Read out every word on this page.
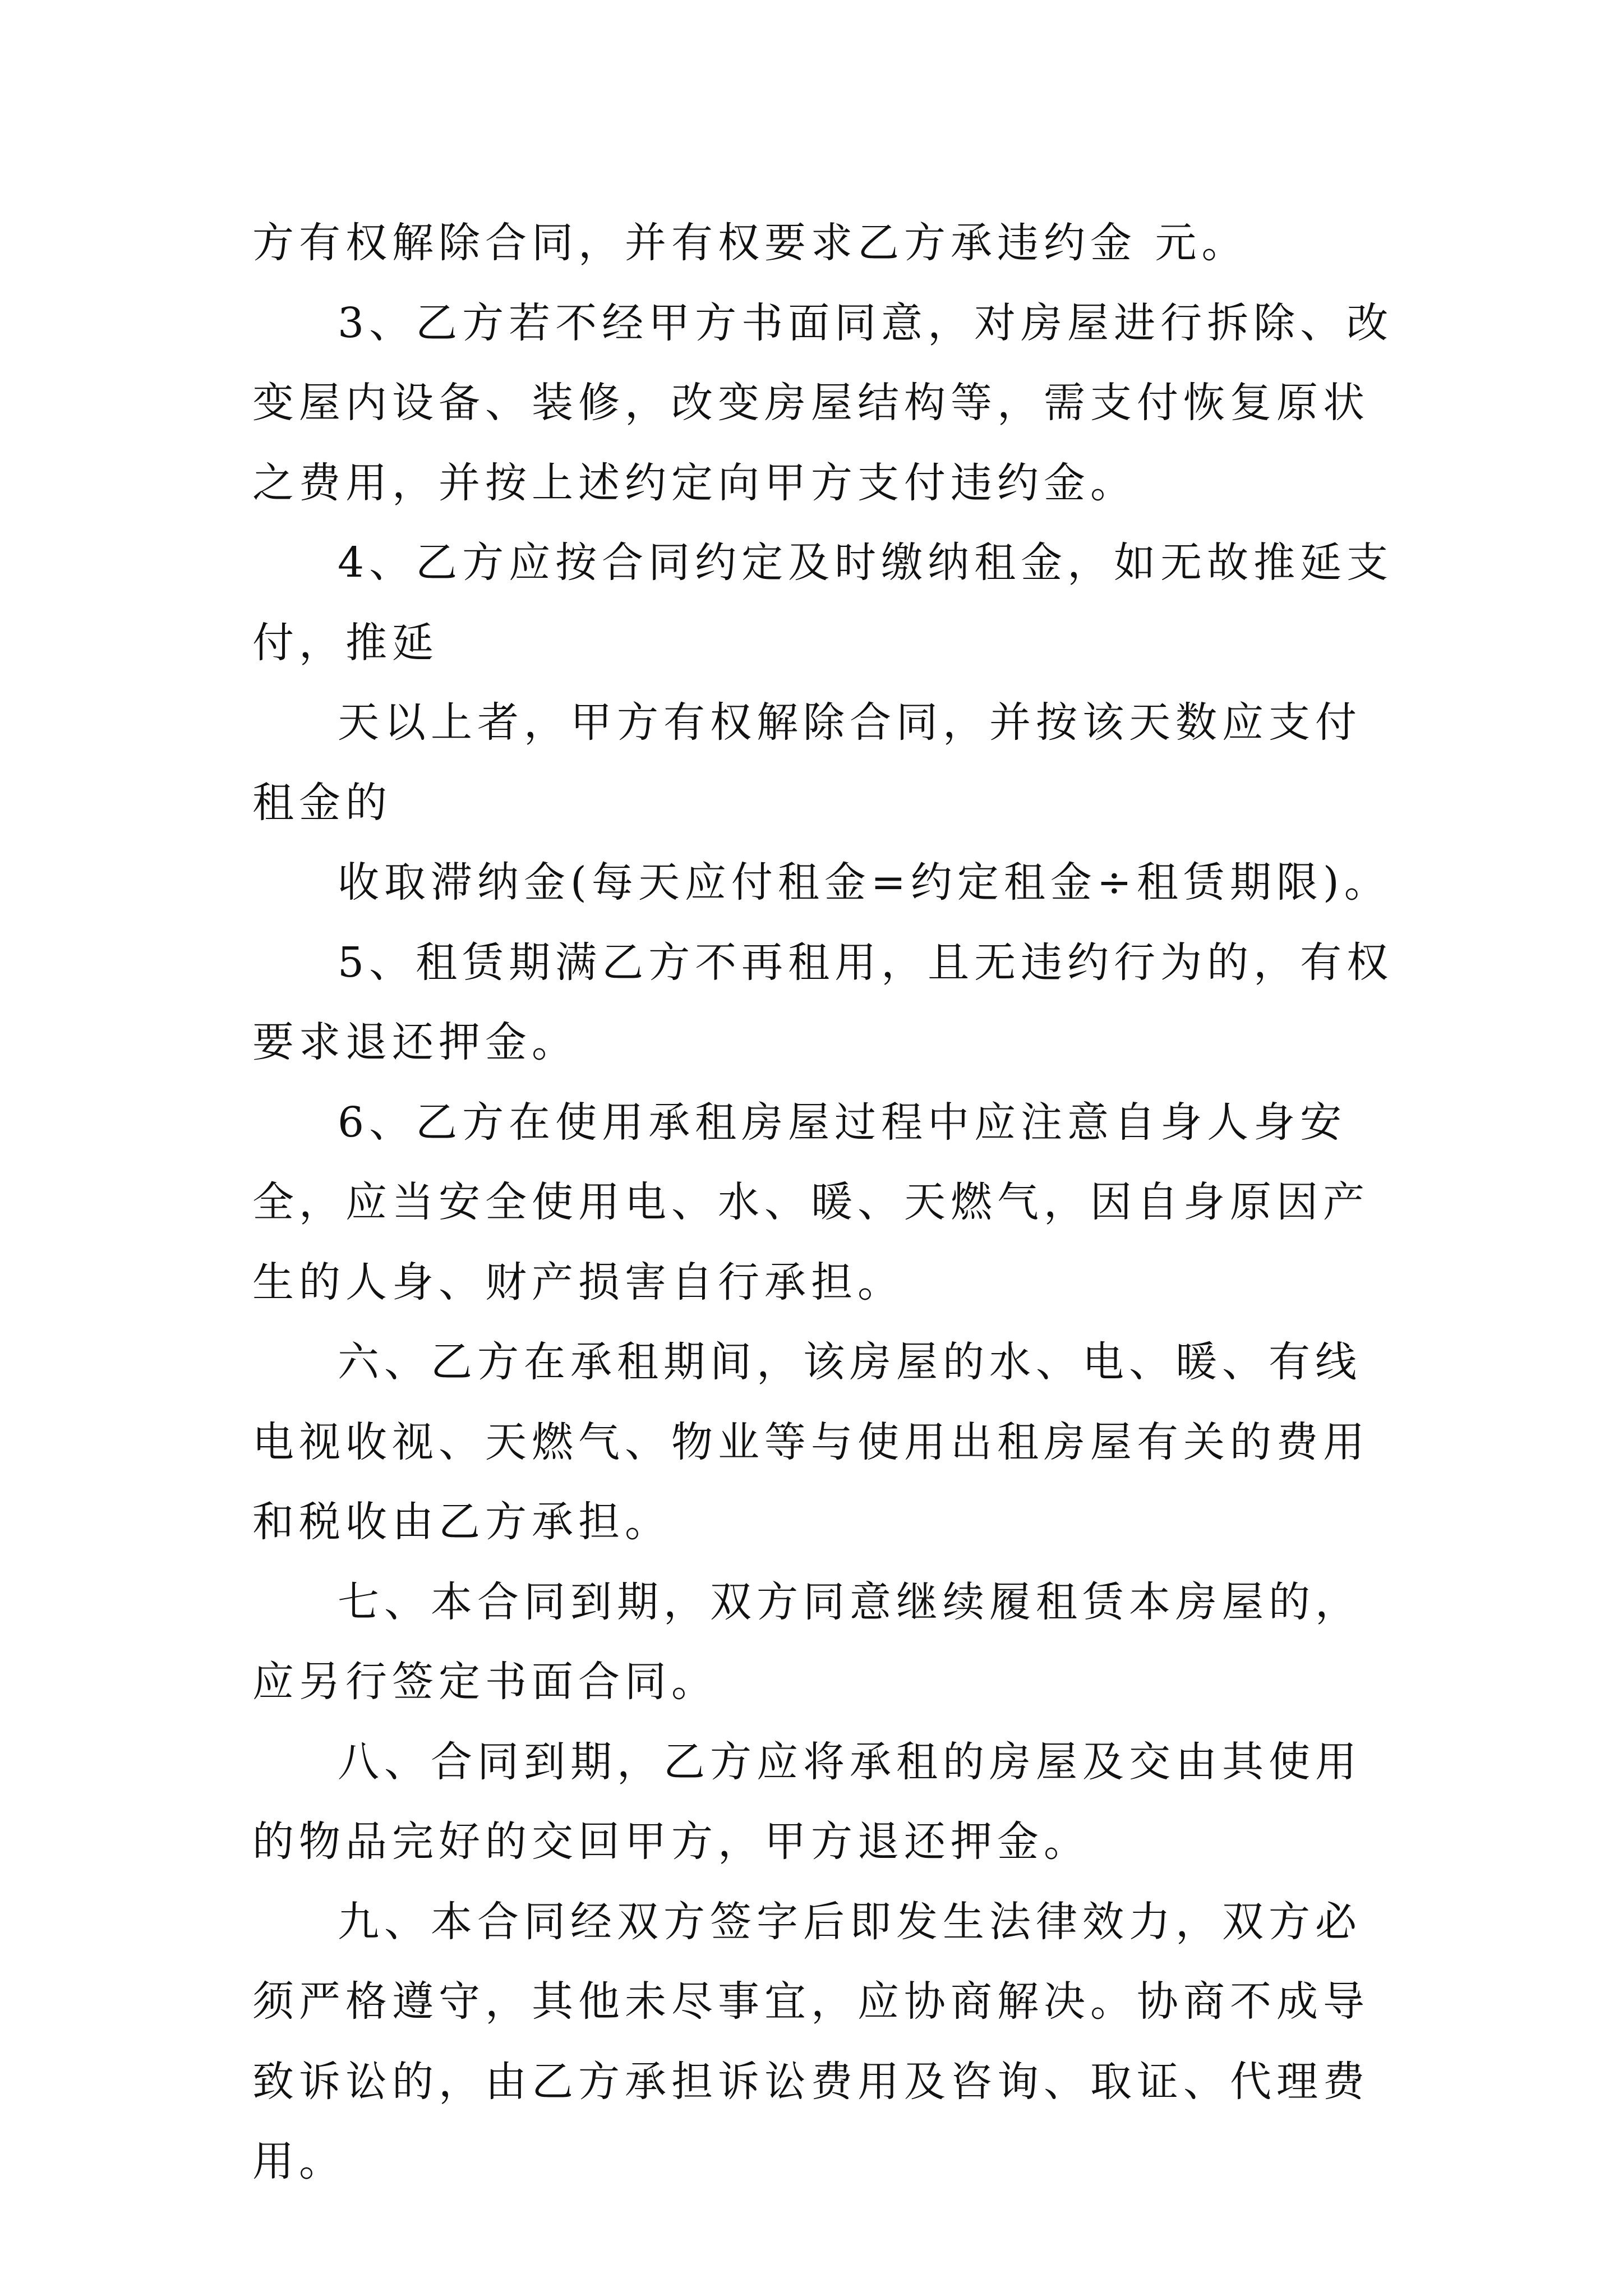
方有权解除合同，并有权要求乙方承违约金 元。

3、乙方若不经甲方书面同意，对房屋进行拆除、改变屋内设备、装修，改变房屋结构等，需支付恢复原状之费用，并按上述约定向甲方支付违约金。

4、乙方应按合同约定及时缴纳租金，如无故推延支付，推延

天以上者，甲方有权解除合同，并按该天数应支付租金的

收取滞纳金(每天应付租金=约定租金÷租赁期限)。

5、租赁期满乙方不再租用，且无违约行为的，有权要求退还押金。

6、乙方在使用承租房屋过程中应注意自身人身安全，应当安全使用电、水、暖、天燃气，因自身原因产生的人身、财产损害自行承担。

六、乙方在承租期间，该房屋的水、电、暖、有线电视收视、天燃气、物业等与使用出租房屋有关的费用和税收由乙方承担。

七、本合同到期，双方同意继续履租赁本房屋的，应另行签定书面合同。

八、合同到期，乙方应将承租的房屋及交由其使用的物品完好的交回甲方，甲方退还押金。

九、本合同经双方签字后即发生法律效力，双方必须严格遵守，其他未尽事宜，应协商解决。协商不成导致诉讼的，由乙方承担诉讼费用及咨询、取证、代理费用。
